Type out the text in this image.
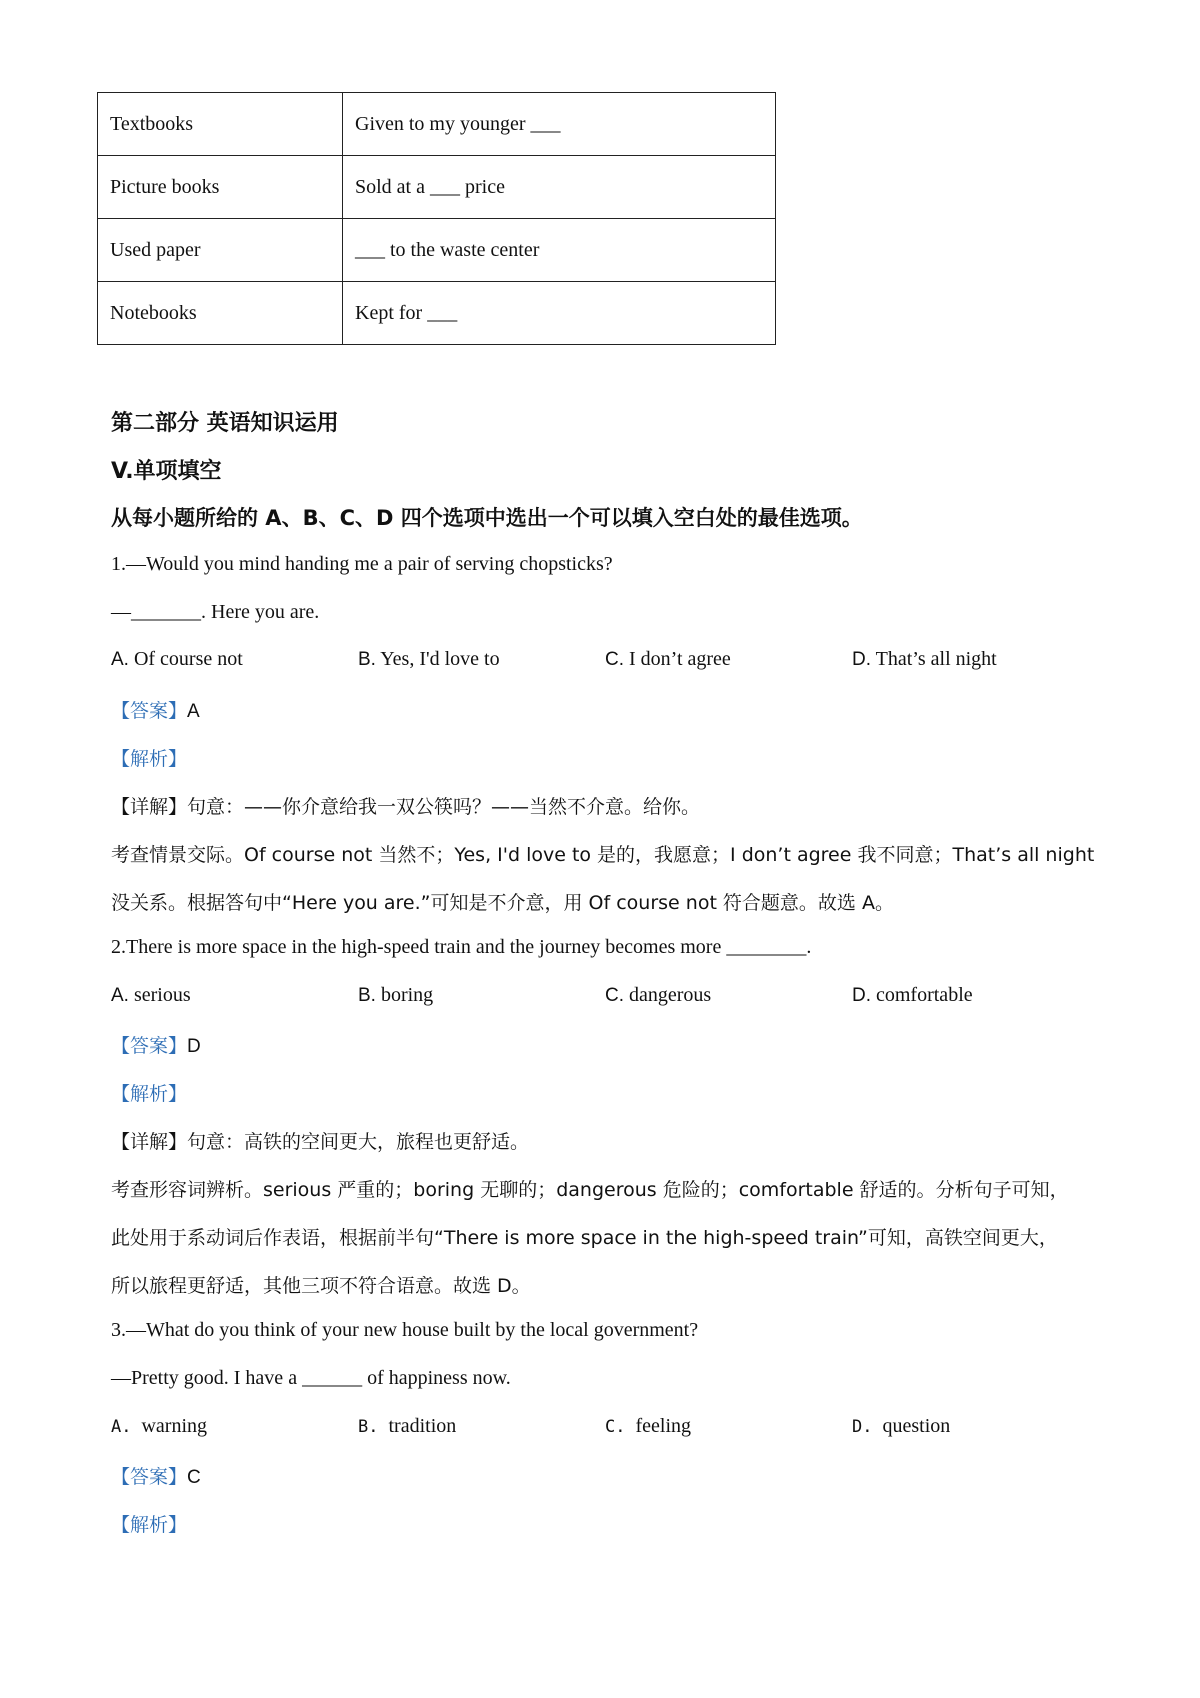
Textbooks	Given to my younger ___
Picture books	Sold at a ___ price
Used paper	___ to the waste center
Notebooks	Kept for ___
第二部分 英语知识运用
V.单项填空
从每小题所给的 A、B、C、D 四个选项中选出一个可以填入空白处的最佳选项。
1.—Would you mind handing me a pair of serving chopsticks?
—_______. Here you are.
A. Of course not	B. Yes, I'd love to	C. I don’t agree	D. That’s all night
【答案】A
【解析】
【详解】句意：——你介意给我一双公筷吗？——当然不介意。给你。
考查情景交际。Of course not 当然不；Yes, I'd love to 是的，我愿意；I don’t agree 我不同意；That’s all night
没关系。根据答句中“Here you are.”可知是不介意，用 Of course not 符合题意。故选 A。
2.There is more space in the high-speed train and the journey becomes more ________.
A. serious	B. boring	C. dangerous	D. comfortable
【答案】D
【解析】
【详解】句意：高铁的空间更大，旅程也更舒适。
考查形容词辨析。serious 严重的；boring 无聊的；dangerous 危险的；comfortable 舒适的。分析句子可知，
此处用于系动词后作表语，根据前半句“There is more space in the high-speed train”可知，高铁空间更大，
所以旅程更舒适，其他三项不符合语意。故选 D。
3.—What do you think of your new house built by the local government?
—Pretty good. I have a ______ of happiness now.
A. warning	B. tradition	C. feeling	D. question
【答案】C
【解析】
